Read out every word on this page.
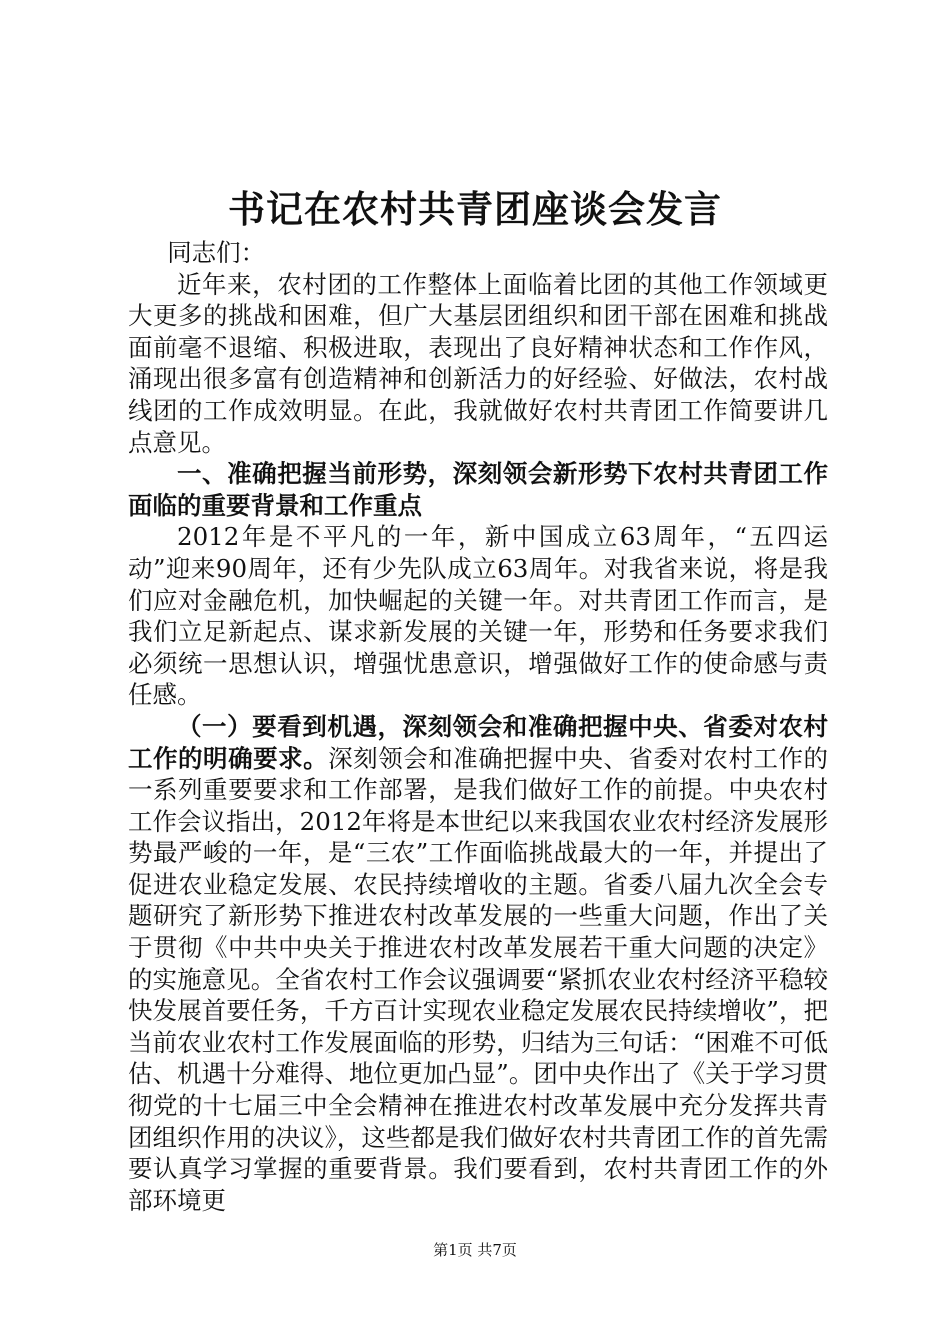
书记在农村共青团座谈会发言

同志们：

近年来，农村团的工作整体上面临着比团的其他工作领域更大更多的挑战和困难，但广大基层团组织和团干部在困难和挑战面前毫不退缩、积极进取，表现出了良好精神状态和工作作风，涌现出很多富有创造精神和创新活力的好经验、好做法，农村战线团的工作成效明显。在此，我就做好农村共青团工作简要讲几点意见。

一、准确把握当前形势，深刻领会新形势下农村共青团工作面临的重要背景和工作重点

2012年是不平凡的一年，新中国成立63周年，“五四运动”迎来90周年，还有少先队成立63周年。对我省来说，将是我们应对金融危机，加快崛起的关键一年。对共青团工作而言，是我们立足新起点、谋求新发展的关键一年，形势和任务要求我们必须统一思想认识，增强忧患意识，增强做好工作的使命感与责任感。

（一）要看到机遇，深刻领会和准确把握中央、省委对农村工作的明确要求。深刻领会和准确把握中央、省委对农村工作的一系列重要要求和工作部署，是我们做好工作的前提。中央农村工作会议指出，2012年将是本世纪以来我国农业农村经济发展形势最严峻的一年，是“三农”工作面临挑战最大的一年，并提出了促进农业稳定发展、农民持续增收的主题。省委八届九次全会专题研究了新形势下推进农村改革发展的一些重大问题，作出了关于贯彻《中共中央关于推进农村改革发展若干重大问题的决定》的实施意见。全省农村工作会议强调要“紧抓农业农村经济平稳较快发展首要任务，千方百计实现农业稳定发展农民持续增收”，把当前农业农村工作发展面临的形势，归结为三句话：“困难不可低估、机遇十分难得、地位更加凸显”。团中央作出了《关于学习贯彻党的十七届三中全会精神在推进农村改革发展中充分发挥共青团组织作用的决议》，这些都是我们做好农村共青团工作的首先需要认真学习掌握的重要背景。我们要看到，农村共青团工作的外部环境更

第1页 共7页
